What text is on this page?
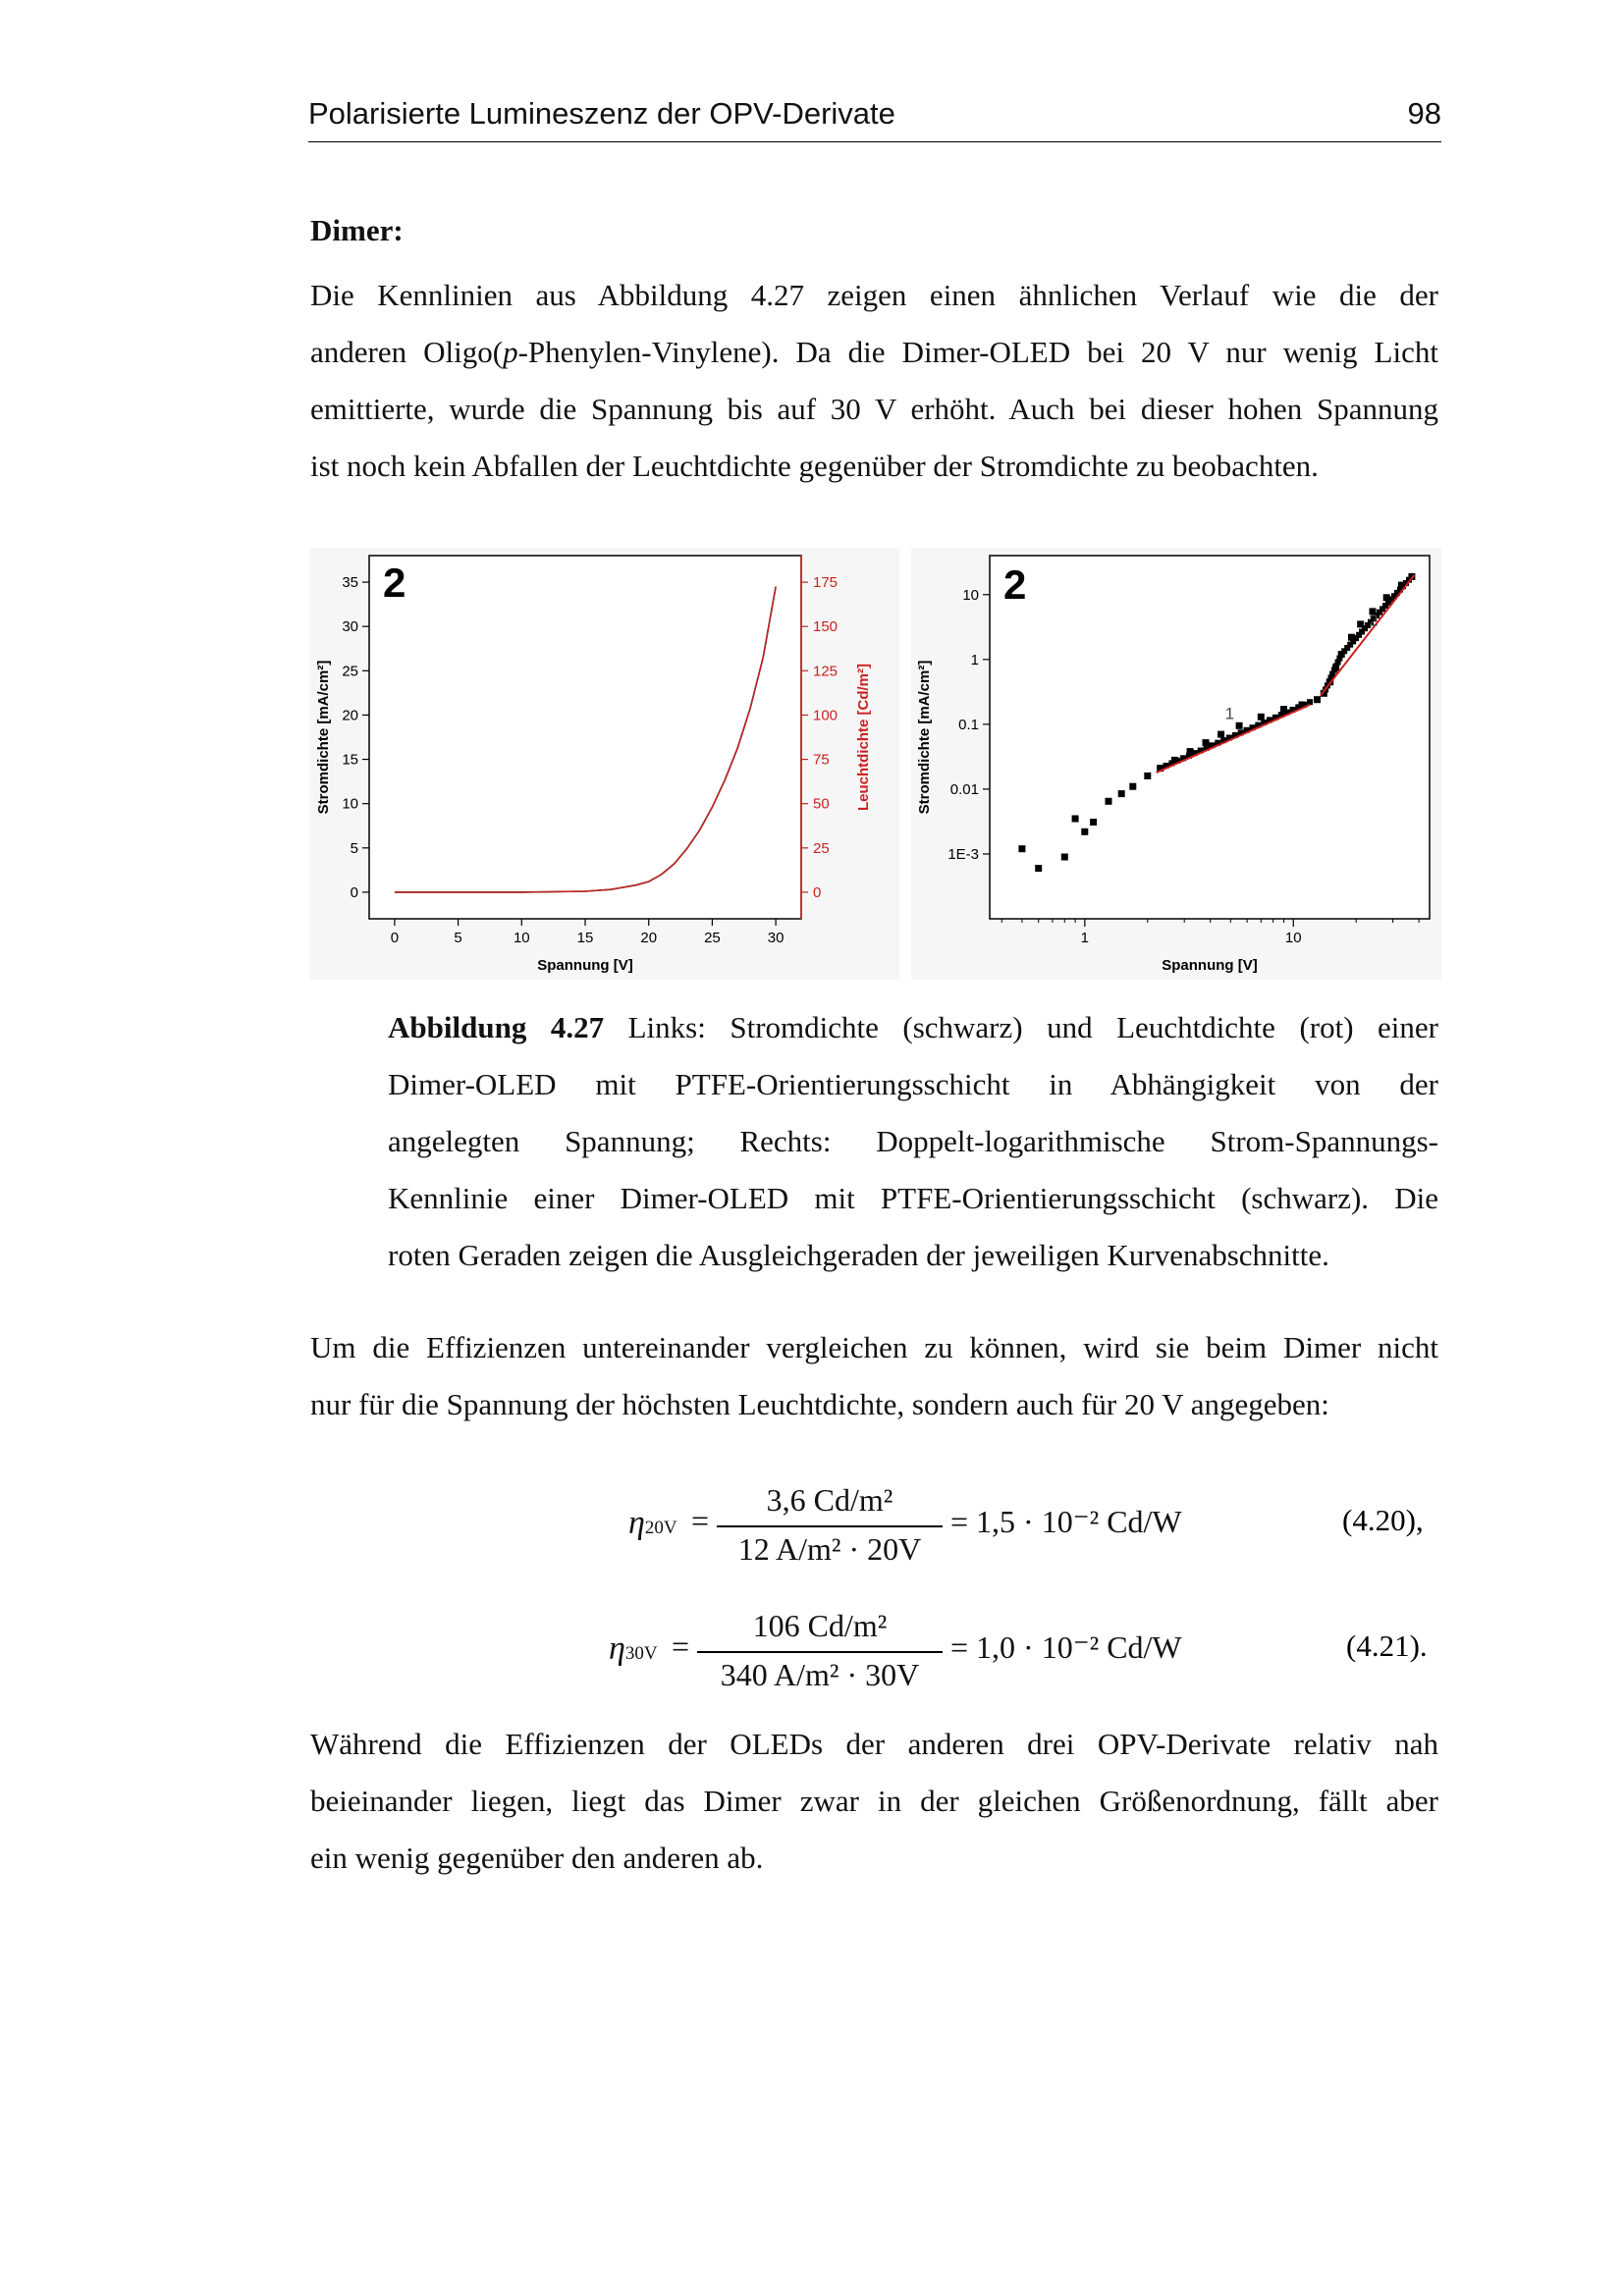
Polarisierte Lumineszenz der OPV-Derivate	98
Dimer:
Die Kennlinien aus Abbildung 4.27 zeigen einen ähnlichen Verlauf wie die der
anderen Oligo(p-Phenylen-Vinylene). Da die Dimer-OLED bei 20 V nur wenig Licht
emittierte, wurde die Spannung bis auf 30 V erhöht. Auch bei dieser hohen Spannung
ist noch kein Abfallen der Leuchtdichte gegenüber der Stromdichte zu beobachten.
2
0	5	10	15	20	25	30
0
5
10
15
20
25
30
35
0
25
50
75
100
125
150
175
Spannung [V]
Stromdichte [mA/cm²]	Leuchtdichte [Cd/m²]
2
1	10
1E-3
0.01
0.1
1
10
1
2
Spannung [V]
Stromdichte [mA/cm²]
Abbildung 4.27 Links: Stromdichte (schwarz) und Leuchtdichte (rot) einer
Dimer-OLED mit PTFE-Orientierungsschicht in Abhängigkeit von der
angelegten Spannung; Rechts: Doppelt-logarithmische Strom-Spannungs-
Kennlinie einer Dimer-OLED mit PTFE-Orientierungsschicht (schwarz). Die
roten Geraden zeigen die Ausgleichgeraden der jeweiligen Kurvenabschnitte.
Um die Effizienzen untereinander vergleichen zu können, wird sie beim Dimer nicht
nur für die Spannung der höchsten Leuchtdichte, sondern auch für 20 V angegeben:
η20V =
3,6 Cd/m²
12 A/m² · 20V
= 1,5 · 10⁻² Cd/W	(4.20),
η30V =
106 Cd/m²
340 A/m² · 30V
= 1,0 · 10⁻² Cd/W	(4.21).
Während die Effizienzen der OLEDs der anderen drei OPV-Derivate relativ nah
beieinander liegen, liegt das Dimer zwar in der gleichen Größenordnung, fällt aber
ein wenig gegenüber den anderen ab.
